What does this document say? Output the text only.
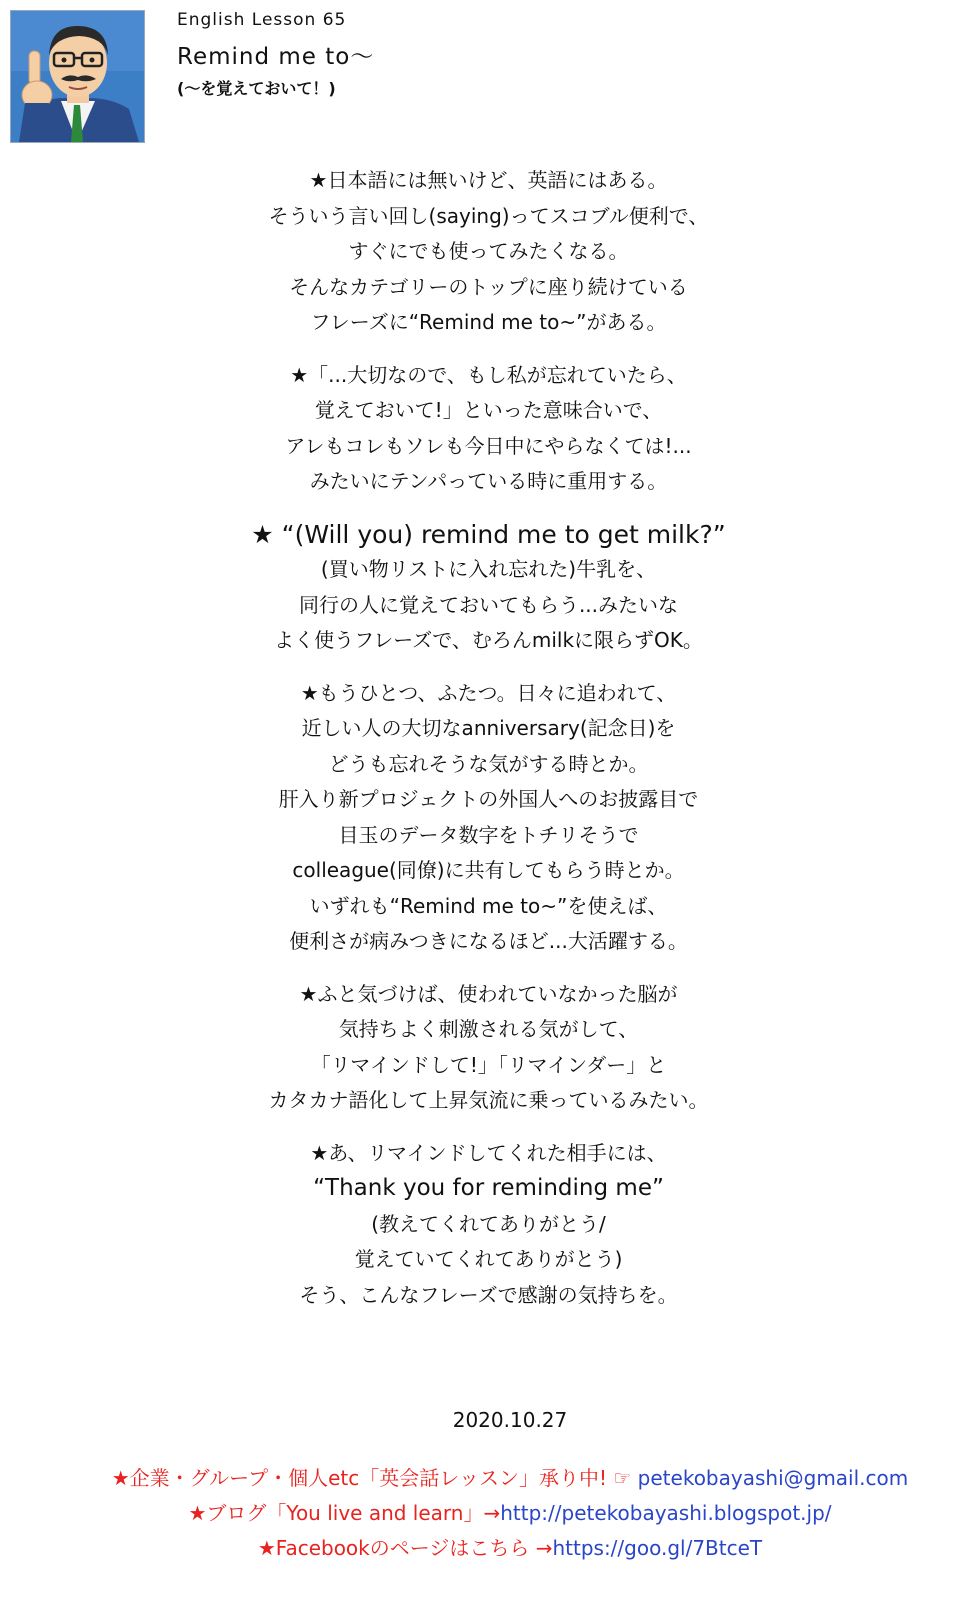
English Lesson 65
Remind me to〜
(〜を覚えておいて！)
★日本語には無いけど、英語にはある。
そういう言い回し(saying)ってスコブル便利で、
すぐにでも使ってみたくなる。
そんなカテゴリーのトップに座り続けている
フレーズに“Remind me to~”がある。
★「...大切なので、もし私が忘れていたら、
覚えておいて!」といった意味合いで、
アレもコレもソレも今日中にやらなくては!...
みたいにテンパっている時に重用する。
★ “(Will you) remind me to get milk?”
(買い物リストに入れ忘れた)牛乳を、
同行の人に覚えておいてもらう...みたいな
よく使うフレーズで、むろんmilkに限らずOK。
★もうひとつ、ふたつ。日々に追われて、
近しい人の大切なanniversary(記念日)を
どうも忘れそうな気がする時とか。
肝入り新プロジェクトの外国人へのお披露目で
目玉のデータ数字をトチリそうで
colleague(同僚)に共有してもらう時とか。
いずれも“Remind me to~”を使えば、
便利さが病みつきになるほど...大活躍する。
★ふと気づけば、使われていなかった脳が
気持ちよく刺激される気がして、
「リマインドして!」「リマインダー」と
カタカナ語化して上昇気流に乗っているみたい。
★あ、リマインドしてくれた相手には、
“Thank you for reminding me”
(教えてくれてありがとう/
覚えていてくれてありがとう)
そう、こんなフレーズで感謝の気持ちを。
2020.10.27
★企業・グループ・個人etc「英会話レッスン」承り中! ☞ petekobayashi@gmail.com
★ブログ「You live and learn」→http://petekobayashi.blogspot.jp/
★Facebookのページはこちら →https://goo.gl/7BtceT
